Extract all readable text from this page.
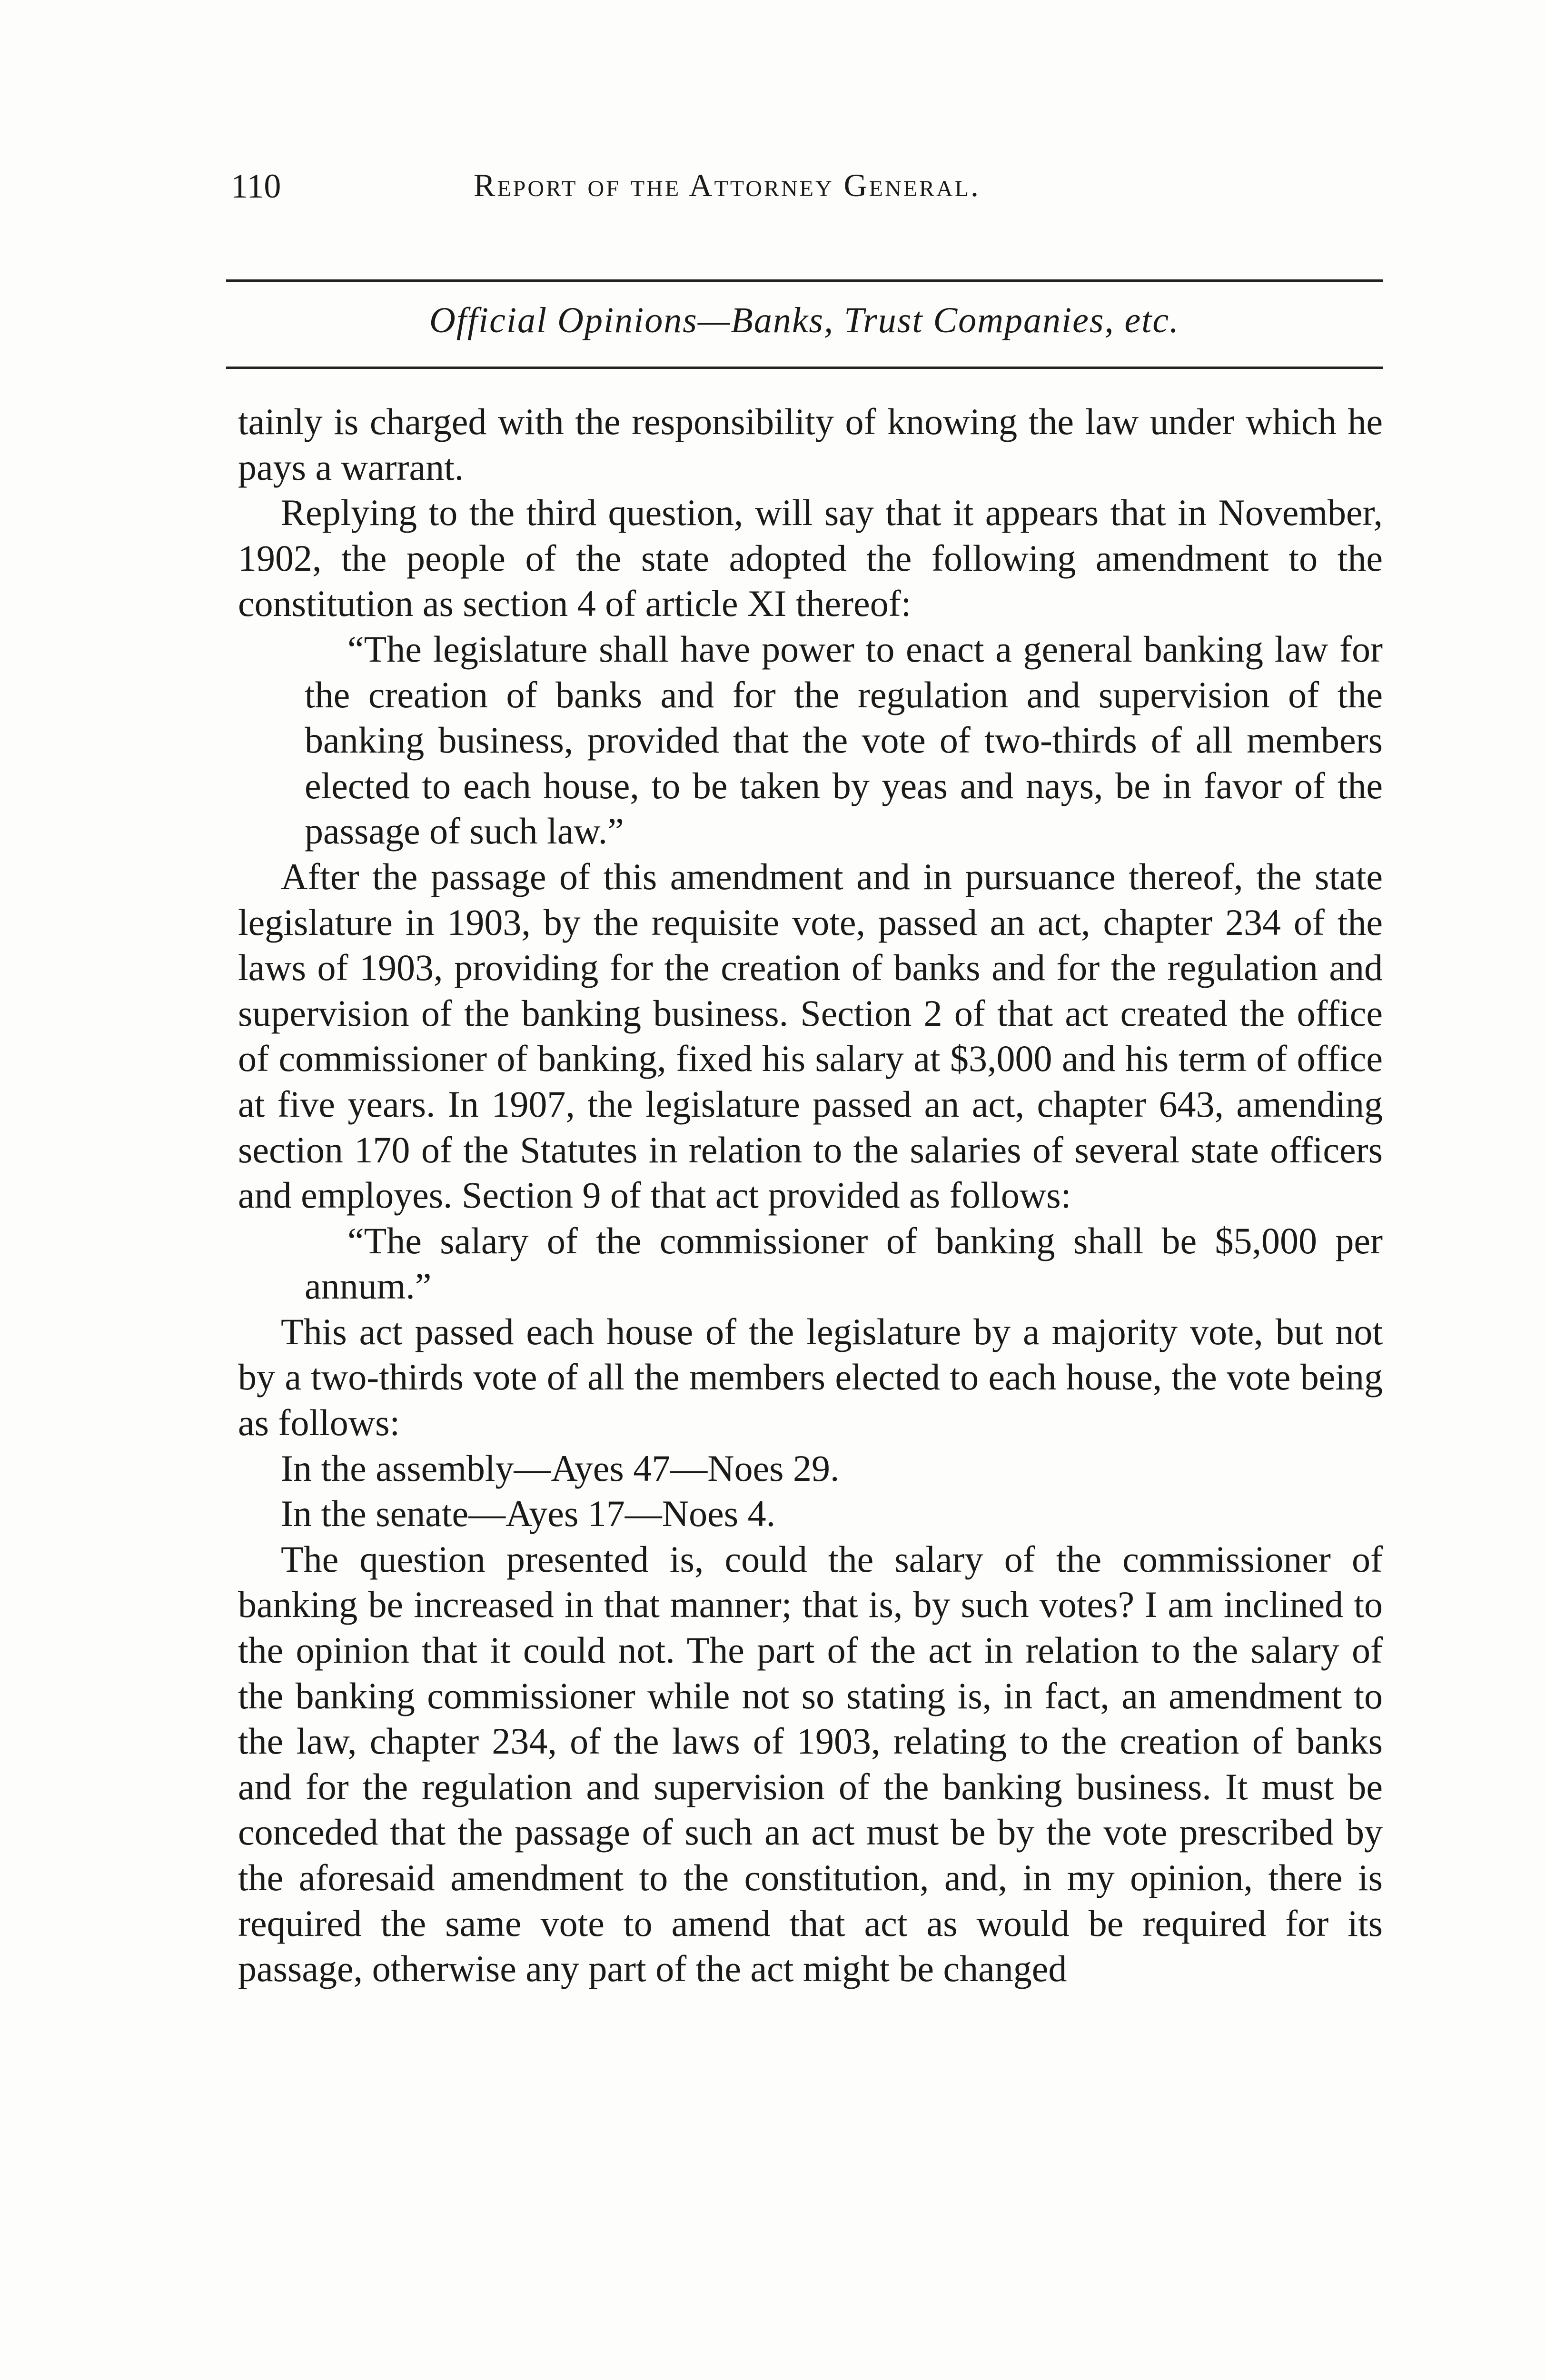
110	Report of the Attorney General.
Official Opinions—Banks, Trust Companies, etc.

tainly is charged with the responsibility of knowing the law under which he pays a warrant.

Replying to the third question, will say that it appears that in November, 1902, the people of the state adopted the following amendment to the constitution as section 4 of article XI thereof:

“The legislature shall have power to enact a general banking law for the creation of banks and for the regulation and supervision of the banking business, provided that the vote of two-thirds of all members elected to each house, to be taken by yeas and nays, be in favor of the passage of such law.”

After the passage of this amendment and in pursuance thereof, the state legislature in 1903, by the requisite vote, passed an act, chapter 234 of the laws of 1903, providing for the creation of banks and for the regulation and supervision of the banking business. Section 2 of that act created the office of commissioner of banking, fixed his salary at $3,000 and his term of office at five years. In 1907, the legislature passed an act, chapter 643, amending section 170 of the Statutes in relation to the salaries of several state officers and employes. Section 9 of that act provided as follows:

“The salary of the commissioner of banking shall be $5,000 per annum.”

This act passed each house of the legislature by a majority vote, but not by a two-thirds vote of all the members elected to each house, the vote being as follows:

In the assembly—Ayes 47—Noes 29.

In the senate—Ayes 17—Noes 4.

The question presented is, could the salary of the commissioner of banking be increased in that manner; that is, by such votes? I am inclined to the opinion that it could not. The part of the act in relation to the salary of the banking commissioner while not so stating is, in fact, an amendment to the law, chapter 234, of the laws of 1903, relating to the creation of banks and for the regulation and supervision of the banking business. It must be conceded that the passage of such an act must be by the vote prescribed by the aforesaid amendment to the constitution, and, in my opinion, there is required the same vote to amend that act as would be required for its passage, otherwise any part of the act might be changed
